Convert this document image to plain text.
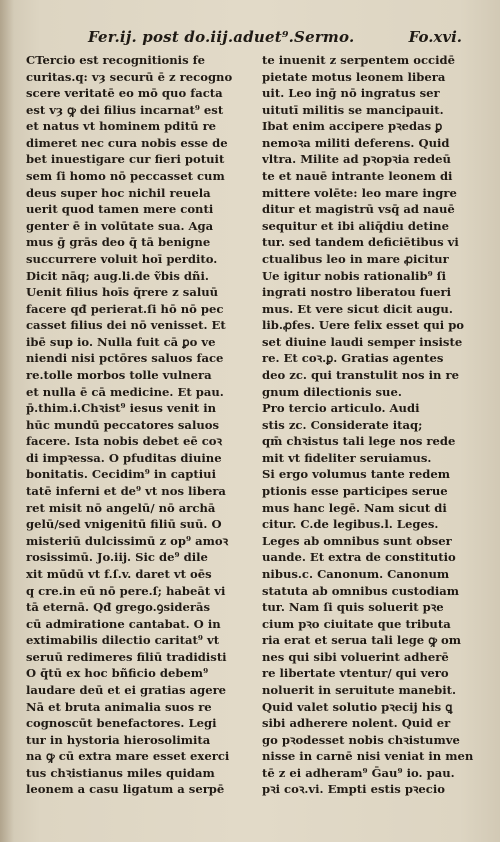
Fer.ij. post do.iij.aduet⁹.Sermo.	Fo.xvi.
CTercio est recognitionis fe
curitas.q: vȝ securū ē z recogno
scere veritatē eo mō quo facta
est vȝ ꝙ dei filius incarnat⁹ est
et natus vt hominem pditū re
dimeret nec cura nobis esse de
bet inuestigare cur fieri potuit
sem ſi homo nō peccasset cum
deus super hoc nichil reuela
uerit quod tamen mere conti
genter ē in volūtate sua. Aga
mus ḡ grās deo q̄ tā benigne
succurrere voluit hoī perdito.
Dicit nāq; aug.li.de ṽbis dñi.
Uenit filius hoīs q̄rere z saluū
facere qđ perierat.ſi hō nō pec
casset filius dei nō venisset. Et
ibē sup io. Nulla fuit cā ꝑo ve
niendi nisi pctōres saluos face
re.tolle morbos tolle vulnera
et nulla ē cā medicine. Et pau.
p̄.thim.i.Chꝛist⁹ iesus venit in
hūc mundū peccatores saluos
facere. Ista nobis debet eē coꝛ
di impꝛessa. O pfuditas diuine
bonitatis. Cecidim⁹ in captiui
tatē inferni et de⁹ vt nos libera
ret misit nō angelū/ nō archā
gelū/sed vnigenitū filiū suū. O
misteriū dulcissimū z op⁹ amoꝛ
rosissimū. Jo.iij. Sic de⁹ dile
xit mūdū vt f.ſ.v. daret vt oēs
q cre.in eū nō pere.ſ; habeāt vi
tā eternā. Qđ grego.ꝯsiderās
cū admiratione cantabat. O in
extimabilis dilectio caritat⁹ vt
seruū redimeres filiū tradidisti
O q̄tū ex hoc bñficio debem⁹
laudare deū et ei gratias agere
Nā et bruta animalia suos re
cognoscūt benefactores. Legi
tur in hystoria hierosolimita
na ꝙ cū extra mare esset exerci
tus chꝛistianus miles quidam
leonem a casu ligatum a serpē
te inuenit z serpentem occidē
pietate motus leonem libera
uit. Leo inḡ nō ingratus ser
uitutī militis se mancipauit.
Ibat enim accipere pꝛedas ꝑ
nemoꝛa militi deferens. Quid
vltra. Milite ad pꝛopꝛia redeū
te et nauē intrante leonem di
mittere volēte: leo mare ingre
ditur et magistrū vsq̄ ad nauē
sequitur et ibi aliq̄diu detine
tur. sed tandem deficiētibus vi
ctualibus leo in mare ꝓicitur
Ue igitur nobis rationalib⁹ ſi
ingrati nostro liberatou fueri
mus. Et vere sicut dicit augu.
lib.ꝓfes. Uere felix esset qui po
set diuine laudi semper insiste
re. Et coꝛ.ꝑ. Gratias agentes
deo zc. qui transtulit nos in re
gnum dilectionis sue.
Pro tercio articulo. Audi
stis zc. Considerate itaq;
qm̄ chꝛistus tali lege nos rede
mit vt fideliter seruiamus.
Si ergo volumus tante redem
ptionis esse participes serue
mus hanc legē. Nam sicut di
citur. C.de legibus.l. Leges.
Leges ab omnibus sunt obser
uande. Et extra de constitutio
nibus.c. Canonum. Canonum
statuta ab omnibus custodiam
tur. Nam ſi quis soluerit pꝛe
cium pꝛo ciuitate que tributa
ria erat et serua tali lege ꝙ om
nes qui sibi voluerint adherē
re libertate vtentur/ qui vero
noluerit in seruitute manebit.
Quid valet solutio pꝛecij his ꝗ
sibi adherere nolent. Quid er
go pꝛodesset nobis chꝛistumve
nisse in carnē nisi veniat in men
tē z ei adheram⁹ Ḡau⁹ io. pau.
pꝛi coꝛ.vi. Empti estis pꝛecio
